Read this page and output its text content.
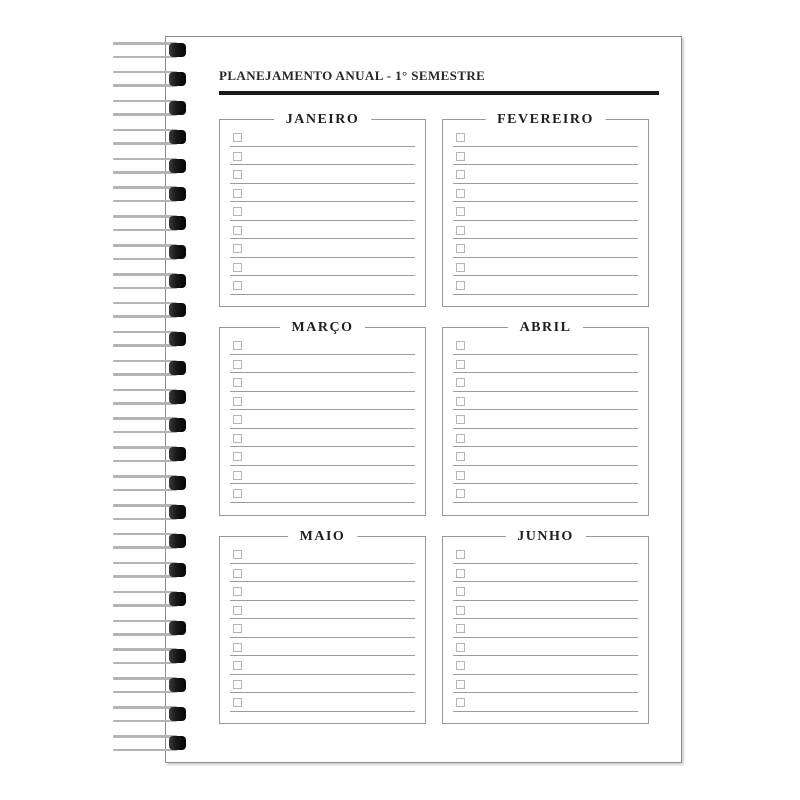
PLANEJAMENTO ANUAL - 1° SEMESTRE
JANEIRO	FEVEREIRO
MARÇO	ABRIL
MAIO	JUNHO
